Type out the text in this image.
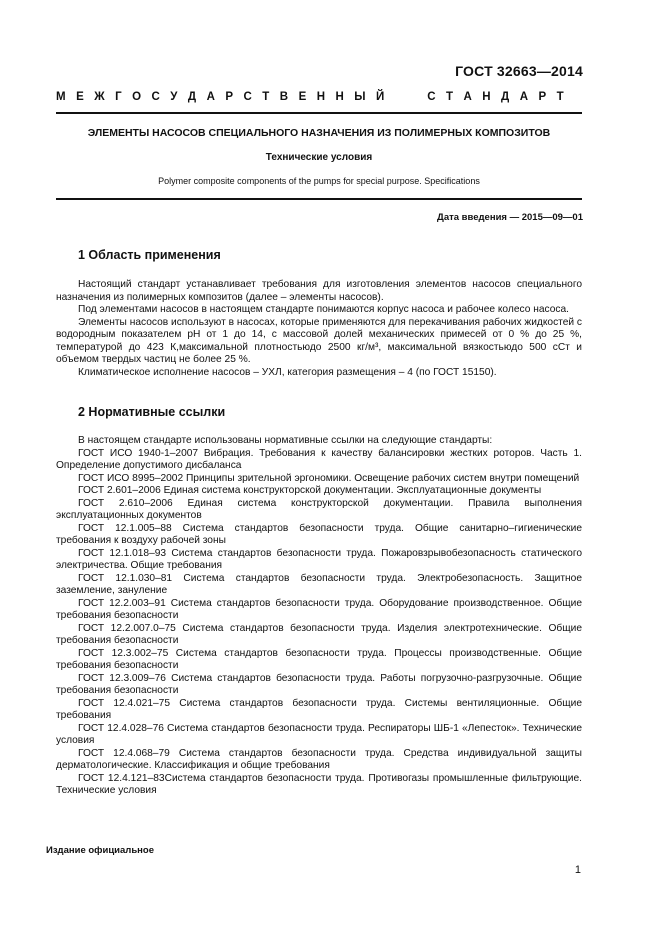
ГОСТ 32663—2014
М Е Ж Г О С У Д А Р С Т В Е Н Н Ы Й	С Т А Н Д А Р Т
ЭЛЕМЕНТЫ НАСОСОВ СПЕЦИАЛЬНОГО НАЗНАЧЕНИЯ ИЗ ПОЛИМЕРНЫХ КОМПОЗИТОВ
Технические условия
Polymer composite components of the pumps for special purpose. Specifications
Дата введения — 2015—09—01
1 Область применения

Настоящий стандарт устанавливает требования для изготовления элементов насосов специального назначения из полимерных композитов (далее – элементы насосов).

Под элементами насосов в настоящем стандарте понимаются корпус насоса и рабочее колесо насоса.

Элементы насосов используют в насосах, которые применяются для перекачивания рабочих жидкостей с водородным показателем pH от 1 до 14, с массовой долей механических примесей от 0 % до 25 %, температурой до 423 К,максимальной плотностьюдо 2500 кг/м³, максимальной вязкостьюдо 500 сСт и объемом твердых частиц не более 25 %.

Климатическое исполнение насосов – УХЛ, категория размещения – 4 (по ГОСТ 15150).

2 Нормативные ссылки

В настоящем стандарте использованы нормативные ссылки на следующие стандарты:

ГОСТ ИСО 1940-1–2007 Вибрация. Требования к качеству балансировки жестких роторов. Часть 1. Определение допустимого дисбаланса

ГОСТ ИСО 8995–2002 Принципы зрительной эргономики. Освещение рабочих систем внутри помещений

ГОСТ 2.601–2006 Единая система конструкторской документации. Эксплуатационные документы

ГОСТ 2.610–2006 Единая система конструкторской документации. Правила выполнения эксплуатационных документов

ГОСТ 12.1.005–88 Система стандартов безопасности труда. Общие санитарно–гигиенические требования к воздуху рабочей зоны

ГОСТ 12.1.018–93 Система стандартов безопасности труда. Пожаровзрывобезопасность статического электричества. Общие требования

ГОСТ 12.1.030–81 Система стандартов безопасности труда. Электробезопасность. Защитное заземление, зануление

ГОСТ 12.2.003–91 Система стандартов безопасности труда. Оборудование производственное. Общие требования безопасности

ГОСТ 12.2.007.0–75 Система стандартов безопасности труда. Изделия электротехнические. Общие требования безопасности

ГОСТ 12.3.002–75 Система стандартов безопасности труда. Процессы производственные. Общие требования безопасности

ГОСТ 12.3.009–76 Система стандартов безопасности труда. Работы погрузочно-разгрузочные. Общие требования безопасности

ГОСТ 12.4.021–75 Система стандартов безопасности труда. Системы вентиляционные. Общие требования

ГОСТ 12.4.028–76 Система стандартов безопасности труда. Респираторы ШБ-1 «Лепесток». Технические условия

ГОСТ 12.4.068–79 Система стандартов безопасности труда. Средства индивидуальной защиты дерматологические. Классификация и общие требования

ГОСТ 12.4.121–83Система стандартов безопасности труда. Противогазы промышленные фильтрующие. Технические условия

Издание официальное
1
